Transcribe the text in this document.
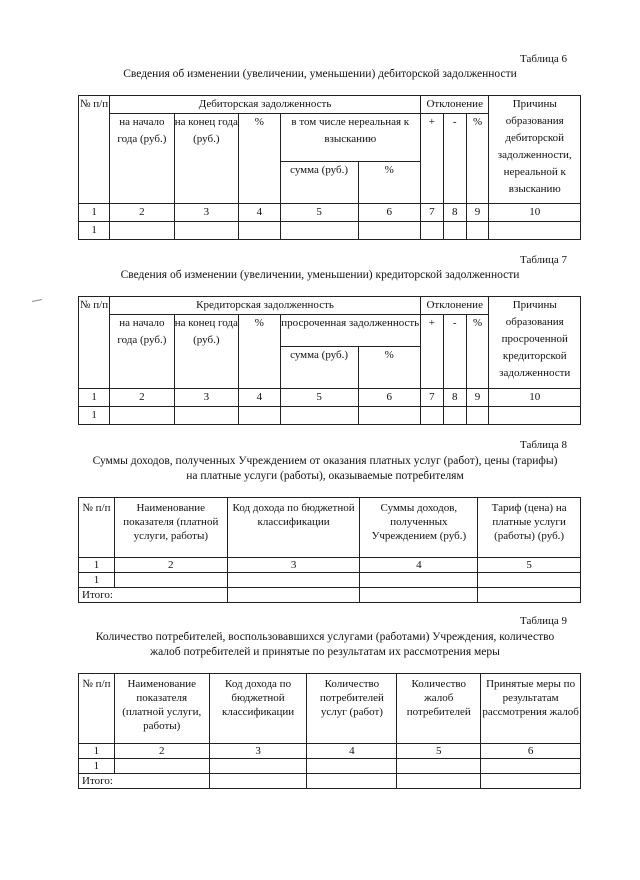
Таблица 6
Сведения об изменении (увеличении, уменьшении) дебиторской задолженности
№ п/п	Дебиторская задолженность					Отклонение			Причины образования дебиторской задолженности, нереальной к взысканию
	на начало года (руб.)	на конец года (руб.)	%	в том числе нереальная к взысканию		+	-	%	
				сумма (руб.)	%				
1	2	3	4	5	6	7	8	9	10
1									
Таблица 7
Сведения об изменении (увеличении, уменьшении) кредиторской задолженности
№ п/п	Кредиторская задолженность					Отклонение			Причины образования просроченной кредиторской задолженности
	на начало года (руб.)	на конец года (руб.)	%	просроченная задолженность		+	-	%	
				сумма (руб.)	%				
1	2	3	4	5	6	7	8	9	10
1									
Таблица 8
Суммы доходов, полученных Учреждением от оказания платных услуг (работ), цены (тарифы) на платные услуги (работы), оказываемые потребителям
№ п/п	Наименование показателя (платной услуги, работы)	Код дохода по бюджетной классификации	Суммы доходов, полученных Учреждением (руб.)	Тариф (цена) на платные услуги (работы) (руб.)
1	2	3	4	5
1				
Итого:				
Таблица 9
Количество потребителей, воспользовавшихся услугами (работами) Учреждения, количество жалоб потребителей и принятые по результатам их рассмотрения меры
№ п/п	Наименование показателя (платной услуги, работы)	Код дохода по бюджетной классификации	Количество потребителей услуг (работ)	Количество жалоб потребителей	Принятые меры по результатам рассмотрения жалоб
1	2	3	4	5	6
1					
Итого:					
